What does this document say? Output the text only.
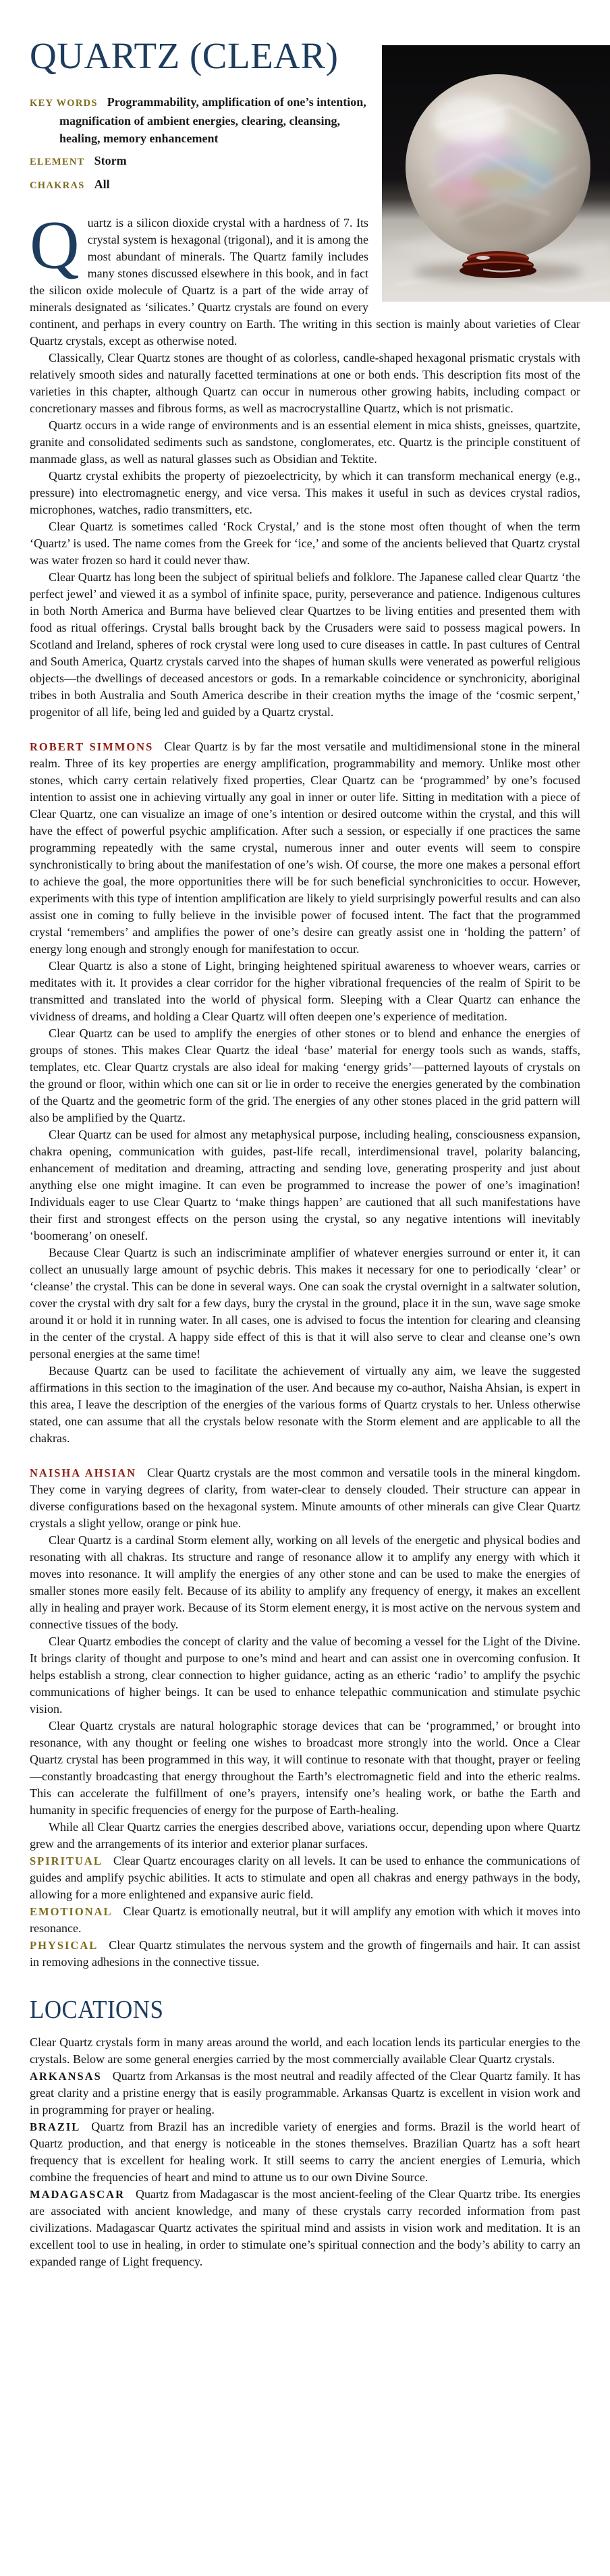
QUARTZ (CLEAR)

KEY WORDS Programmability, amplification of one’s intention, magnification of ambient energies, clearing, cleansing, healing, memory enhancement

ELEMENT Storm

CHAKRAS All

Quartz is a silicon dioxide crystal with a hardness of 7. Its crystal system is hexagonal (trigonal), and it is among the most abundant of minerals. The Quartz family includes many stones discussed elsewhere in this book, and in fact the silicon oxide molecule of Quartz is a part of the wide array of minerals designated as ‘silicates.’ Quartz crystals are found on every continent, and perhaps in every country on Earth. The writing in this section is mainly about varieties of Clear Quartz crystals, except as otherwise noted.

Classically, Clear Quartz stones are thought of as colorless, candle-shaped hexagonal prismatic crystals with relatively smooth sides and naturally facetted terminations at one or both ends. This description fits most of the varieties in this chapter, although Quartz can occur in numerous other growing habits, including compact or concretionary masses and fibrous forms, as well as macrocrystalline Quartz, which is not prismatic.

Quartz occurs in a wide range of environments and is an essential element in mica shists, gneisses, quartzite, granite and consolidated sediments such as sandstone, conglomerates, etc. Quartz is the principle constituent of manmade glass, as well as natural glasses such as Obsidian and Tektite.

Quartz crystal exhibits the property of piezoelectricity, by which it can transform mechanical energy (e.g., pressure) into electromagnetic energy, and vice versa. This makes it useful in such as devices crystal radios, microphones, watches, radio transmitters, etc.

Clear Quartz is sometimes called ‘Rock Crystal,’ and is the stone most often thought of when the term ‘Quartz’ is used. The name comes from the Greek for ‘ice,’ and some of the ancients believed that Quartz crystal was water frozen so hard it could never thaw.

Clear Quartz has long been the subject of spiritual beliefs and folklore. The Japanese called clear Quartz ‘the perfect jewel’ and viewed it as a symbol of infinite space, purity, perseverance and patience. Indigenous cultures in both North America and Burma have believed clear Quartzes to be living entities and presented them with food as ritual offerings. Crystal balls brought back by the Crusaders were said to possess magical powers. In Scotland and Ireland, spheres of rock crystal were long used to cure diseases in cattle. In past cultures of Central and South America, Quartz crystals carved into the shapes of human skulls were venerated as powerful religious objects—the dwellings of deceased ancestors or gods. In a remarkable coincidence or synchronicity, aboriginal tribes in both Australia and South America describe in their creation myths the image of the ‘cosmic serpent,’ progenitor of all life, being led and guided by a Quartz crystal.

ROBERT SIMMONS Clear Quartz is by far the most versatile and multidimensional stone in the mineral realm. Three of its key properties are energy amplification, programmability and memory. Unlike most other stones, which carry certain relatively fixed properties, Clear Quartz can be ‘programmed’ by one’s focused intention to assist one in achieving virtually any goal in inner or outer life. Sitting in meditation with a piece of Clear Quartz, one can visualize an image of one’s intention or desired outcome within the crystal, and this will have the effect of powerful psychic amplification. After such a session, or especially if one practices the same programming repeatedly with the same crystal, numerous inner and outer events will seem to conspire synchronistically to bring about the manifestation of one’s wish. Of course, the more one makes a personal effort to achieve the goal, the more opportunities there will be for such beneficial synchronicities to occur. However, experiments with this type of intention amplification are likely to yield surprisingly powerful results and can also assist one in coming to fully believe in the invisible power of focused intent. The fact that the programmed crystal ‘remembers’ and amplifies the power of one’s desire can greatly assist one in ‘holding the pattern’ of energy long enough and strongly enough for manifestation to occur.

Clear Quartz is also a stone of Light, bringing heightened spiritual awareness to whoever wears, carries or meditates with it. It provides a clear corridor for the higher vibrational frequencies of the realm of Spirit to be transmitted and translated into the world of physical form. Sleeping with a Clear Quartz can enhance the vividness of dreams, and holding a Clear Quartz will often deepen one’s experience of meditation.

Clear Quartz can be used to amplify the energies of other stones or to blend and enhance the energies of groups of stones. This makes Clear Quartz the ideal ‘base’ material for energy tools such as wands, staffs, templates, etc. Clear Quartz crystals are also ideal for making ‘energy grids’—patterned layouts of crystals on the ground or floor, within which one can sit or lie in order to receive the energies generated by the combination of the Quartz and the geometric form of the grid. The energies of any other stones placed in the grid pattern will also be amplified by the Quartz.

Clear Quartz can be used for almost any metaphysical purpose, including healing, consciousness expansion, chakra opening, communication with guides, past-life recall, interdimensional travel, polarity balancing, enhancement of meditation and dreaming, attracting and sending love, generating prosperity and just about anything else one might imagine. It can even be programmed to increase the power of one’s imagination! Individuals eager to use Clear Quartz to ‘make things happen’ are cautioned that all such manifestations have their first and strongest effects on the person using the crystal, so any negative intentions will inevitably ‘boomerang’ on oneself.

Because Clear Quartz is such an indiscriminate amplifier of whatever energies surround or enter it, it can collect an unusually large amount of psychic debris. This makes it necessary for one to periodically ‘clear’ or ‘cleanse’ the crystal. This can be done in several ways. One can soak the crystal overnight in a saltwater solution, cover the crystal with dry salt for a few days, bury the crystal in the ground, place it in the sun, wave sage smoke around it or hold it in running water. In all cases, one is advised to focus the intention for clearing and cleansing in the center of the crystal. A happy side effect of this is that it will also serve to clear and cleanse one’s own personal energies at the same time!

Because Quartz can be used to facilitate the achievement of virtually any aim, we leave the suggested affirmations in this section to the imagination of the user. And because my co-author, Naisha Ahsian, is expert in this area, I leave the description of the energies of the various forms of Quartz crystals to her. Unless otherwise stated, one can assume that all the crystals below resonate with the Storm element and are applicable to all the chakras.

NAISHA AHSIAN Clear Quartz crystals are the most common and versatile tools in the mineral kingdom. They come in varying degrees of clarity, from water-clear to densely clouded. Their structure can appear in diverse configurations based on the hexagonal system. Minute amounts of other minerals can give Clear Quartz crystals a slight yellow, orange or pink hue.

Clear Quartz is a cardinal Storm element ally, working on all levels of the energetic and physical bodies and resonating with all chakras. Its structure and range of resonance allow it to amplify any energy with which it moves into resonance. It will amplify the energies of any other stone and can be used to make the energies of smaller stones more easily felt. Because of its ability to amplify any frequency of energy, it makes an excellent ally in healing and prayer work. Because of its Storm element energy, it is most active on the nervous system and connective tissues of the body.

Clear Quartz embodies the concept of clarity and the value of becoming a vessel for the Light of the Divine. It brings clarity of thought and purpose to one’s mind and heart and can assist one in overcoming confusion. It helps establish a strong, clear connection to higher guidance, acting as an etheric ‘radio’ to amplify the psychic communications of higher beings. It can be used to enhance telepathic communication and stimulate psychic vision.

Clear Quartz crystals are natural holographic storage devices that can be ‘programmed,’ or brought into resonance, with any thought or feeling one wishes to broadcast more strongly into the world. Once a Clear Quartz crystal has been programmed in this way, it will continue to resonate with that thought, prayer or feeling—constantly broadcasting that energy throughout the Earth’s electromagnetic field and into the etheric realms. This can accelerate the fulfillment of one’s prayers, intensify one’s healing work, or bathe the Earth and humanity in specific frequencies of energy for the purpose of Earth-healing.

While all Clear Quartz carries the energies described above, variations occur, depending upon where Quartz grew and the arrangements of its interior and exterior planar surfaces.

SPIRITUAL Clear Quartz encourages clarity on all levels. It can be used to enhance the communications of guides and amplify psychic abilities. It acts to stimulate and open all chakras and energy pathways in the body, allowing for a more enlightened and expansive auric field.

EMOTIONAL Clear Quartz is emotionally neutral, but it will amplify any emotion with which it moves into resonance.

PHYSICAL Clear Quartz stimulates the nervous system and the growth of fingernails and hair. It can assist in removing adhesions in the connective tissue.

LOCATIONS

Clear Quartz crystals form in many areas around the world, and each location lends its particular energies to the crystals. Below are some general energies carried by the most commercially available Clear Quartz crystals.

ARKANSAS Quartz from Arkansas is the most neutral and readily affected of the Clear Quartz family. It has great clarity and a pristine energy that is easily programmable. Arkansas Quartz is excellent in vision work and in programming for prayer or healing.

BRAZIL Quartz from Brazil has an incredible variety of energies and forms. Brazil is the world heart of Quartz production, and that energy is noticeable in the stones themselves. Brazilian Quartz has a soft heart frequency that is excellent for healing work. It still seems to carry the ancient energies of Lemuria, which combine the frequencies of heart and mind to attune us to our own Divine Source.

MADAGASCAR Quartz from Madagascar is the most ancient-feeling of the Clear Quartz tribe. Its energies are associated with ancient knowledge, and many of these crystals carry recorded information from past civilizations. Madagascar Quartz activates the spiritual mind and assists in vision work and meditation. It is an excellent tool to use in healing, in order to stimulate one’s spiritual connection and the body’s ability to carry an expanded range of Light frequency.
